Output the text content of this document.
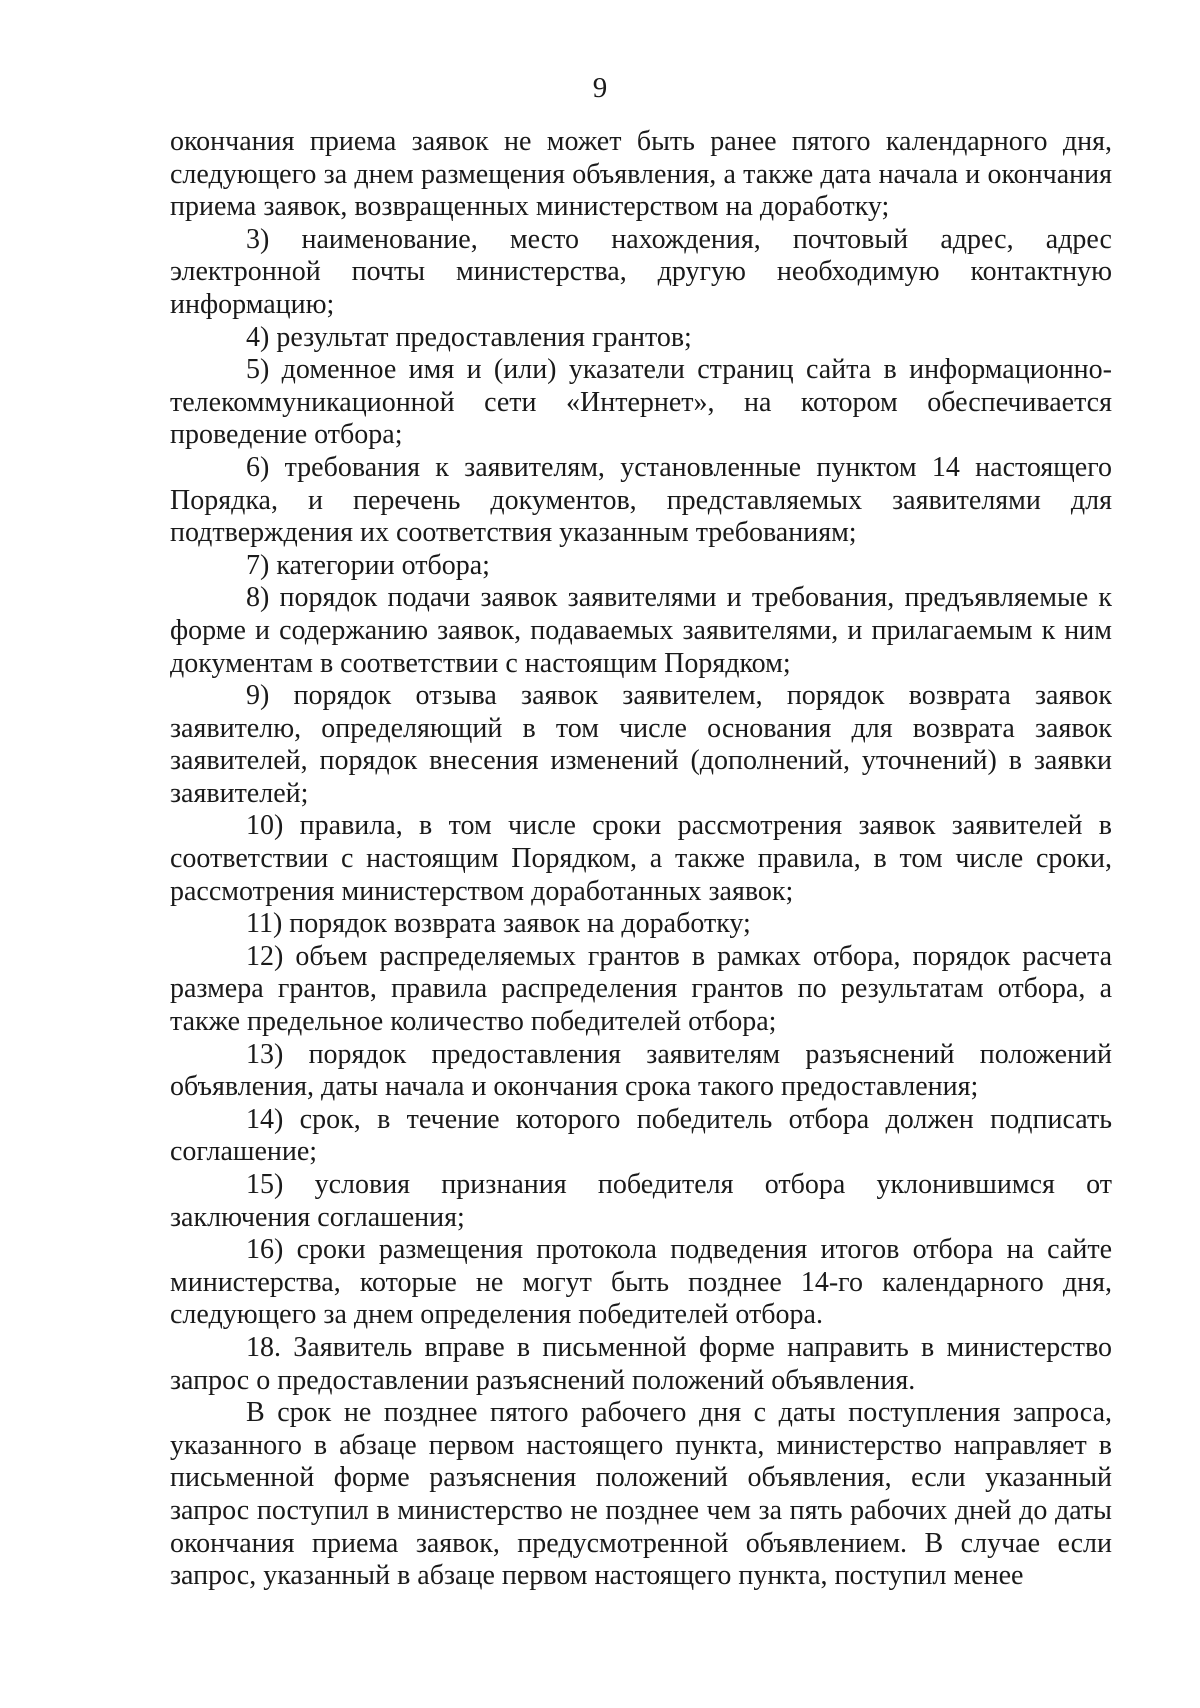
9

окончания приема заявок не может быть ранее пятого календарного дня, следующего за днем размещения объявления, а также дата начала и окончания приема заявок, возвращенных министерством на доработку;

3) наименование, место нахождения, почтовый адрес, адрес электронной почты министерства, другую необходимую контактную информацию;

4) результат предоставления грантов;

5) доменное имя и (или) указатели страниц сайта в информационно-телекоммуникационной сети «Интернет», на котором обеспечивается проведение отбора;

6) требования к заявителям, установленные пунктом 14 настоящего Порядка, и перечень документов, представляемых заявителями для подтверждения их соответствия указанным требованиям;

7) категории отбора;

8) порядок подачи заявок заявителями и требования, предъявляемые к форме и содержанию заявок, подаваемых заявителями, и прилагаемым к ним документам в соответствии с настоящим Порядком;

9) порядок отзыва заявок заявителем, порядок возврата заявок заявителю, определяющий в том числе основания для возврата заявок заявителей, порядок внесения изменений (дополнений, уточнений) в заявки заявителей;

10) правила, в том числе сроки рассмотрения заявок заявителей в соответствии с настоящим Порядком, а также правила, в том числе сроки, рассмотрения министерством доработанных заявок;

11) порядок возврата заявок на доработку;

12) объем распределяемых грантов в рамках отбора, порядок расчета размера грантов, правила распределения грантов по результатам отбора, а также предельное количество победителей отбора;

13) порядок предоставления заявителям разъяснений положений объявления, даты начала и окончания срока такого предоставления;

14) срок, в течение которого победитель отбора должен подписать соглашение;

15) условия признания победителя отбора уклонившимся от заключения соглашения;

16) сроки размещения протокола подведения итогов отбора на сайте министерства, которые не могут быть позднее 14-го календарного дня, следующего за днем определения победителей отбора.

18. Заявитель вправе в письменной форме направить в министерство запрос о предоставлении разъяснений положений объявления.

В срок не позднее пятого рабочего дня с даты поступления запроса, указанного в абзаце первом настоящего пункта, министерство направляет в письменной форме разъяснения положений объявления, если указанный запрос поступил в министерство не позднее чем за пять рабочих дней до даты окончания приема заявок, предусмотренной объявлением. В случае если запрос, указанный в абзаце первом настоящего пункта, поступил менее
